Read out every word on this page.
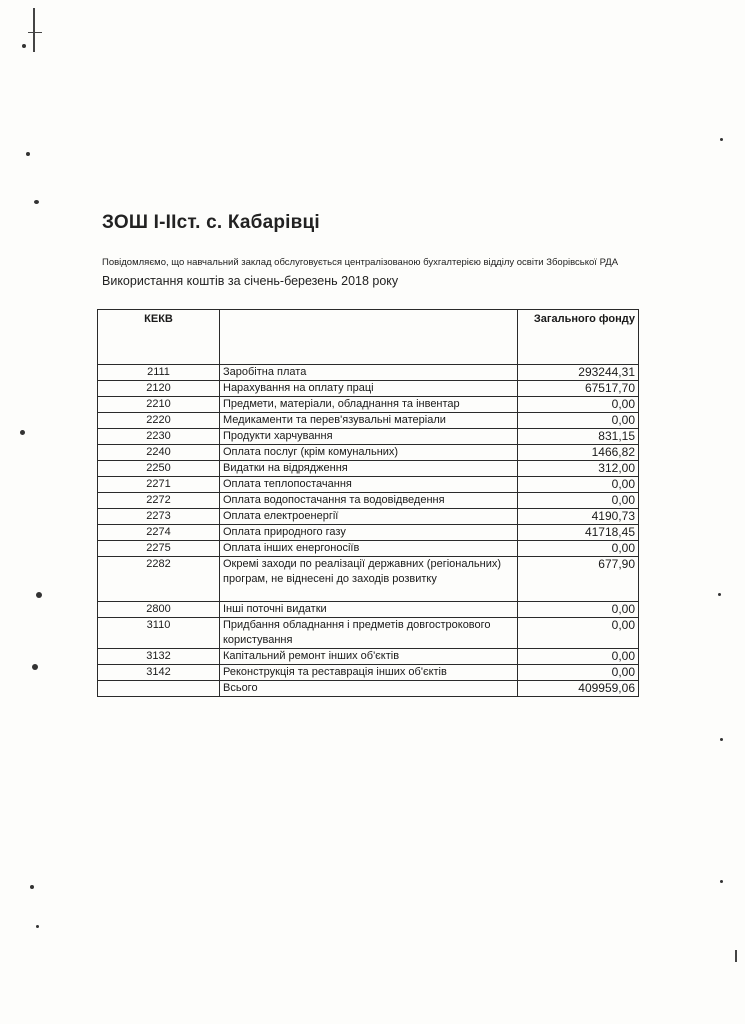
ЗОШ І-ІІст. с. Кабарівці
Повідомляємо, що навчальний заклад обслуговується централізованою бухгалтерією відділу освіти Зборівської РДА
Використання коштів за січень-березень 2018 року
КЕКВ		Загального фонду
2111	Заробітна плата	293244,31
2120	Нарахування на оплату праці	67517,70
2210	Предмети, матеріали, обладнання та інвентар	0,00
2220	Медикаменти та перев'язувальні матеріали	0,00
2230	Продукти харчування	831,15
2240	Оплата послуг (крім комунальних)	1466,82
2250	Видатки на відрядження	312,00
2271	Оплата теплопостачання	0,00
2272	Оплата водопостачання та водовідведення	0,00
2273	Оплата електроенергії	4190,73
2274	Оплата природного газу	41718,45
2275	Оплата інших енергоносіїв	0,00
2282	Окремі заходи по реалізації державних (регіональних) програм, не віднесені до заходів розвитку	677,90
2800	Інші поточні видатки	0,00
3110	Придбання обладнання і предметів довгострокового користування	0,00
3132	Капітальний ремонт інших об'єктів	0,00
3142	Реконструкція та реставрація інших об'єктів	0,00
	Всього	409959,06
